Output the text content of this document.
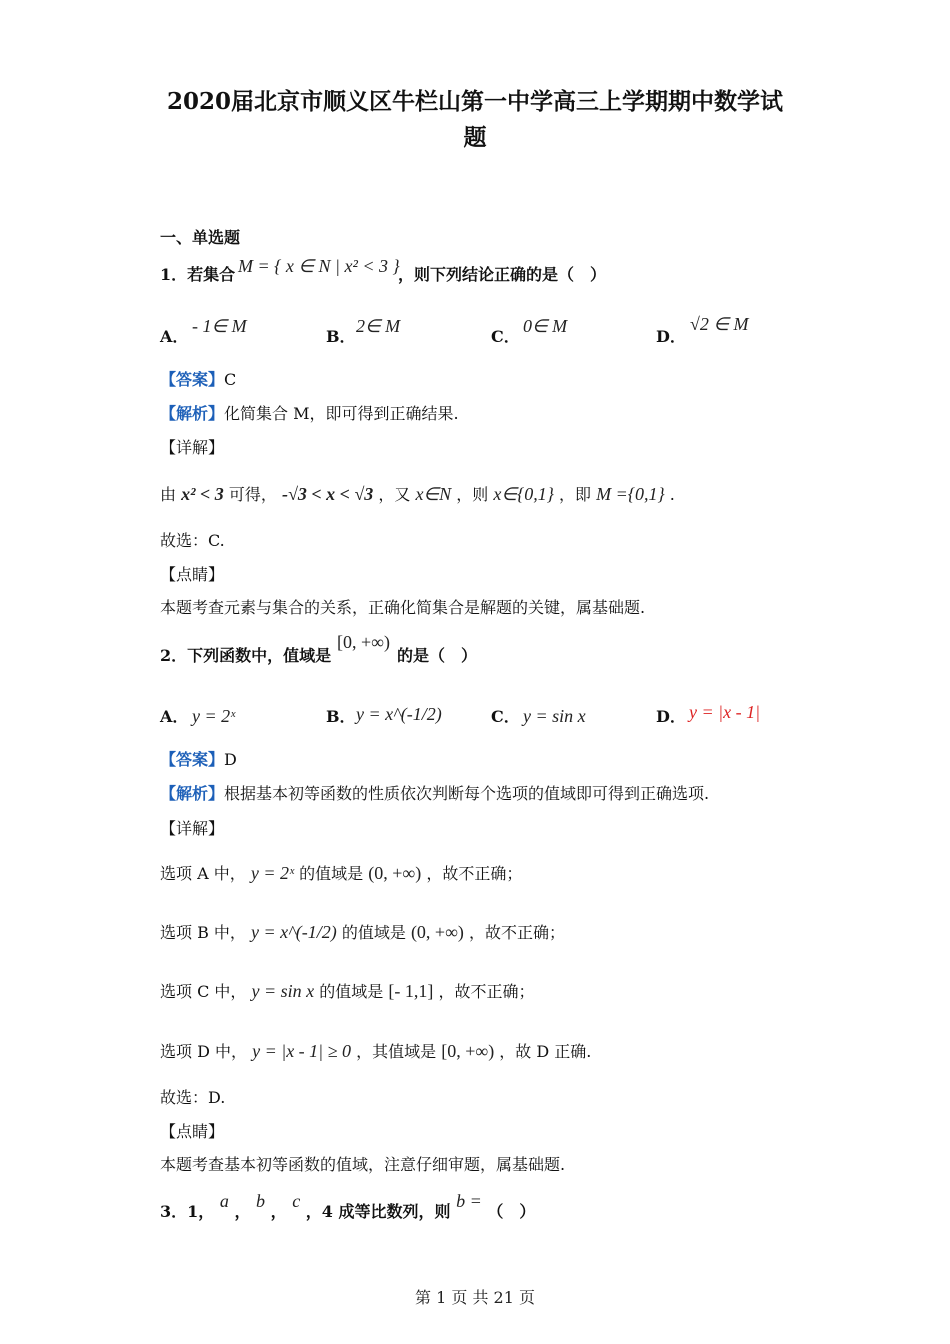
2020届北京市顺义区牛栏山第一中学高三上学期期中数学试
题
一、单选题
1．若集合 M = { x ∈ N | x² < 3 }
，则下列结论正确的是（　）
A．
- 1∈ M
B．
2∈ M
C．
0∈ M
D．
√2 ∈ M
【答案】C
【解析】化简集合 M，即可得到正确结果.
【详解】
由 x² < 3 可得， -√3 < x < √3 ，又 x∈N ，则 x∈{0,1} ，即 M ={0,1} .
故选：C.
【点睛】
本题考查元素与集合的关系，正确化简集合是解题的关键，属基础题.
2．下列函数中，值域是
[0, +∞)
的是（　）
A． y = 2ˣ	B． y = x^(-1/2)	C． y = sin x	D． y = |x - 1|
【答案】D
【解析】根据基本初等函数的性质依次判断每个选项的值域即可得到正确选项.
【详解】
选项 A 中， y = 2ˣ 的值域是 (0, +∞) ，故不正确；
选项 B 中， y = x^(-1/2) 的值域是 (0, +∞) ，故不正确；
选项 C 中， y = sin x 的值域是 [- 1,1] ，故不正确；
选项 D 中， y = |x - 1| ≥ 0 ，其值域是 [0, +∞) ，故 D 正确.
故选：D.
【点睛】
本题考查基本初等函数的值域，注意仔细审题，属基础题.
3．1， a ， b ， c ，4 成等比数列，则 b = （　）
第 1 页 共 21 页
